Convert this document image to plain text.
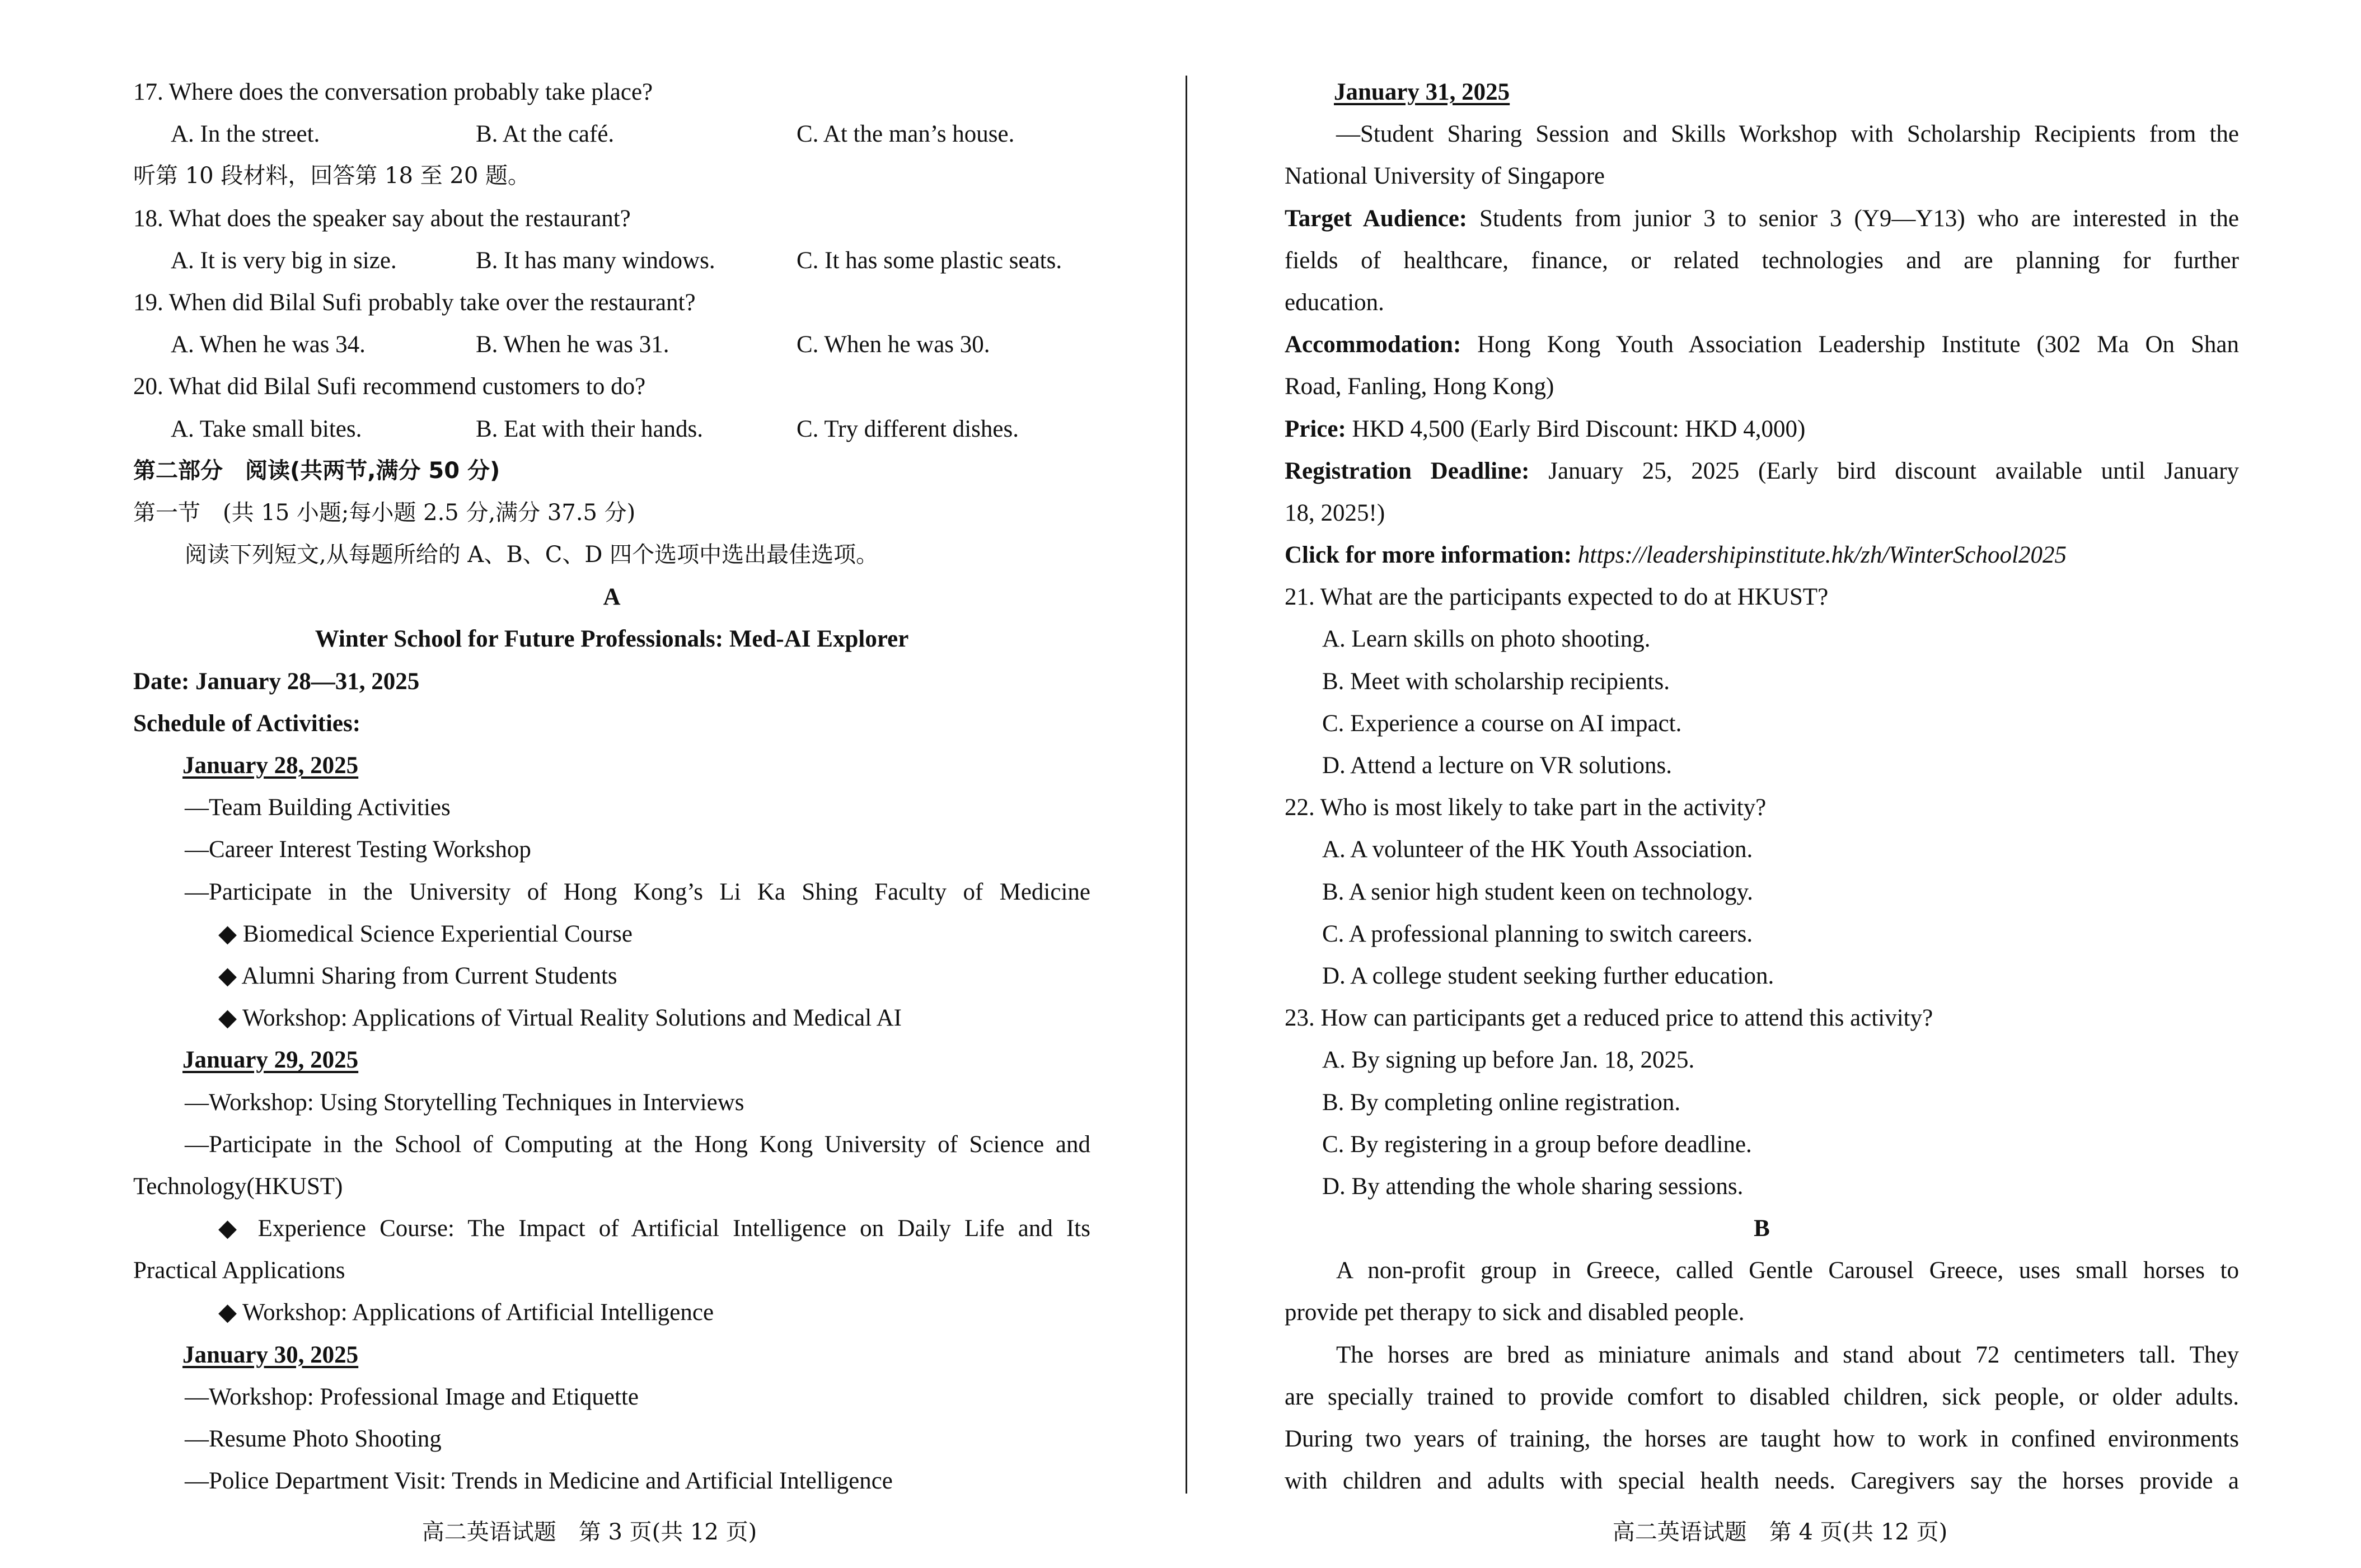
17. Where does the conversation probably take place?
A. In the street.	B. At the café.	C. At the man’s house.
听第 10 段材料，回答第 18 至 20 题。
18. What does the speaker say about the restaurant?
A. It is very big in size.	B. It has many windows.	C. It has some plastic seats.
19. When did Bilal Sufi probably take over the restaurant?
A. When he was 34.	B. When he was 31.	C. When he was 30.
20. What did Bilal Sufi recommend customers to do?
A. Take small bites.	B. Eat with their hands.	C. Try different dishes.
第二部分　阅读(共两节,满分 50 分)
第一节　(共 15 小题;每小题 2.5 分,满分 37.5 分)
阅读下列短文,从每题所给的 A、B、C、D 四个选项中选出最佳选项。
A
Winter School for Future Professionals: Med-AI Explorer
Date: January 28—31, 2025
Schedule of Activities:
January 28, 2025
—Team Building Activities
—Career Interest Testing Workshop
—Participate in the University of Hong Kong’s Li Ka Shing Faculty of Medicine
◆ Biomedical Science Experiential Course
◆ Alumni Sharing from Current Students
◆ Workshop: Applications of Virtual Reality Solutions and Medical AI
January 29, 2025
—Workshop: Using Storytelling Techniques in Interviews
—Participate in the School of Computing at the Hong Kong University of Science and
Technology(HKUST)
◆ Experience Course: The Impact of Artificial Intelligence on Daily Life and Its
Practical Applications
◆ Workshop: Applications of Artificial Intelligence
January 30, 2025
—Workshop: Professional Image and Etiquette
—Resume Photo Shooting
—Police Department Visit: Trends in Medicine and Artificial Intelligence
January 31, 2025
—Student Sharing Session and Skills Workshop with Scholarship Recipients from the
National University of Singapore
Target Audience: Students from junior 3 to senior 3 (Y9—Y13) who are interested in the
fields of healthcare, finance, or related technologies and are planning for further
education.
Accommodation: Hong Kong Youth Association Leadership Institute (302 Ma On Shan
Road, Fanling, Hong Kong)
Price: HKD 4,500 (Early Bird Discount: HKD 4,000)
Registration Deadline: January 25, 2025 (Early bird discount available until January
18, 2025!)
Click for more information: https://leadershipinstitute.hk/zh/WinterSchool2025
21. What are the participants expected to do at HKUST?
A. Learn skills on photo shooting.
B. Meet with scholarship recipients.
C. Experience a course on AI impact.
D. Attend a lecture on VR solutions.
22. Who is most likely to take part in the activity?
A. A volunteer of the HK Youth Association.
B. A senior high student keen on technology.
C. A professional planning to switch careers.
D. A college student seeking further education.
23. How can participants get a reduced price to attend this activity?
A. By signing up before Jan. 18, 2025.
B. By completing online registration.
C. By registering in a group before deadline.
D. By attending the whole sharing sessions.
B
A non-profit group in Greece, called Gentle Carousel Greece, uses small horses to
provide pet therapy to sick and disabled people.
The horses are bred as miniature animals and stand about 72 centimeters tall. They
are specially trained to provide comfort to disabled children, sick people, or older adults.
During two years of training, the horses are taught how to work in confined environments
with children and adults with special health needs. Caregivers say the horses provide a
高二英语试题　第 3 页(共 12 页)	高二英语试题　第 4 页(共 12 页)
